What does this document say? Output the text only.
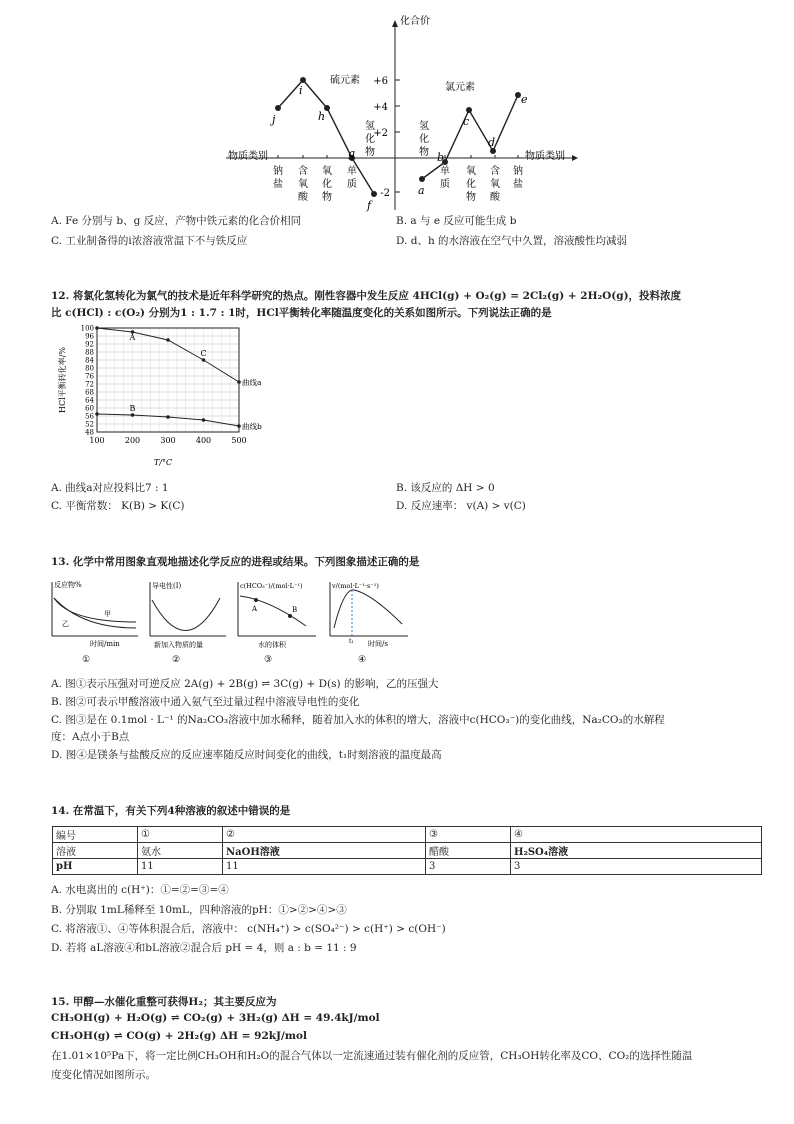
+6
+4
+2
-2
化合价
硫元素
氯元素
物质类别	物质类别
钠
盐
含
氧
酸
氧
化
物
单
质
氢
化
物
氢
化
物
单
质
氧
化
物
含
氧
酸
钠
盐
j
i
h
g
f
a
b
c
d
e
A. Fe 分别与 b、g 反应，产物中铁元素的化合价相同	B. a 与 e 反应可能生成 b
C. 工业制备得的i浓溶液常温下不与铁反应	D. d、h 的水溶液在空气中久置，溶液酸性均减弱
12. 将氯化氢转化为氯气的技术是近年科学研究的热点。刚性容器中发生反应 4HCl(g) + O₂(g) = 2Cl₂(g) + 2H₂O(g)，投料浓度
比 c(HCl) : c(O₂) 分别为1 : 1.7 : 1时，HCl平衡转化率随温度变化的关系如图所示。下列说法正确的是
HCl平衡转化率/%
T/°C
100
96
92
88
84
80
76
72
68
64
60
56
52
48
100	200	300	400	500
曲线a
曲线b
A
C
B
A. 曲线a对应投料比7 : 1	B. 该反应的 ΔH > 0
C. 平衡常数： K(B) > K(C)	D. 反应速率： v(A) > v(C)
13. 化学中常用图象直观地描述化学反应的进程或结果。下列图象描述正确的是
反应物%
甲
乙
时间/min
①
导电性(I)
新加入物质的量
②
c(HCO₃⁻)/(mol·L⁻¹)
A	B
水的体积
③
v/(mol·L⁻¹·s⁻¹)
t₁ 时间/s
④
A. 图①表示压强对可逆反应 2A(g) + 2B(g) ⇌ 3C(g) + D(s) 的影响，乙的压强大
B. 图②可表示甲酸溶液中通入氨气至过量过程中溶液导电性的变化
C. 图③是在 0.1mol · L⁻¹ 的Na₂CO₃溶液中加水稀释，随着加入水的体积的增大，溶液中c(HCO₃⁻)的变化曲线，Na₂CO₃的水解程
度：A点小于B点
D. 图④是镁条与盐酸反应的反应速率随反应时间变化的曲线，t₁时刻溶液的温度最高
14. 在常温下，有关下列4种溶液的叙述中错误的是
编号	①	②	③	④
溶液	氨水	NaOH溶液	醋酸	H₂SO₄溶液
pH	11	11	3	3
A. 水电离出的 c(H⁺)：①=②=③=④
B. 分别取 1mL稀释至 10mL，四种溶液的pH：①>②>④>③
C. 将溶液①、④等体积混合后，溶液中： c(NH₄⁺) > c(SO₄²⁻) > c(H⁺) > c(OH⁻)
D. 若将 aL溶液④和bL溶液②混合后 pH = 4，则 a : b = 11 : 9
15. 甲醇—水催化重整可获得H₂；其主要反应为
CH₃OH(g) + H₂O(g) ⇌ CO₂(g) + 3H₂(g) ΔH = 49.4kJ/mol
CH₃OH(g) ⇌ CO(g) + 2H₂(g) ΔH = 92kJ/mol
在1.01×10⁵Pa下，将一定比例CH₃OH和H₂O的混合气体以一定流速通过装有催化剂的反应管，CH₃OH转化率及CO、CO₂的选择性随温
度变化情况如图所示。
